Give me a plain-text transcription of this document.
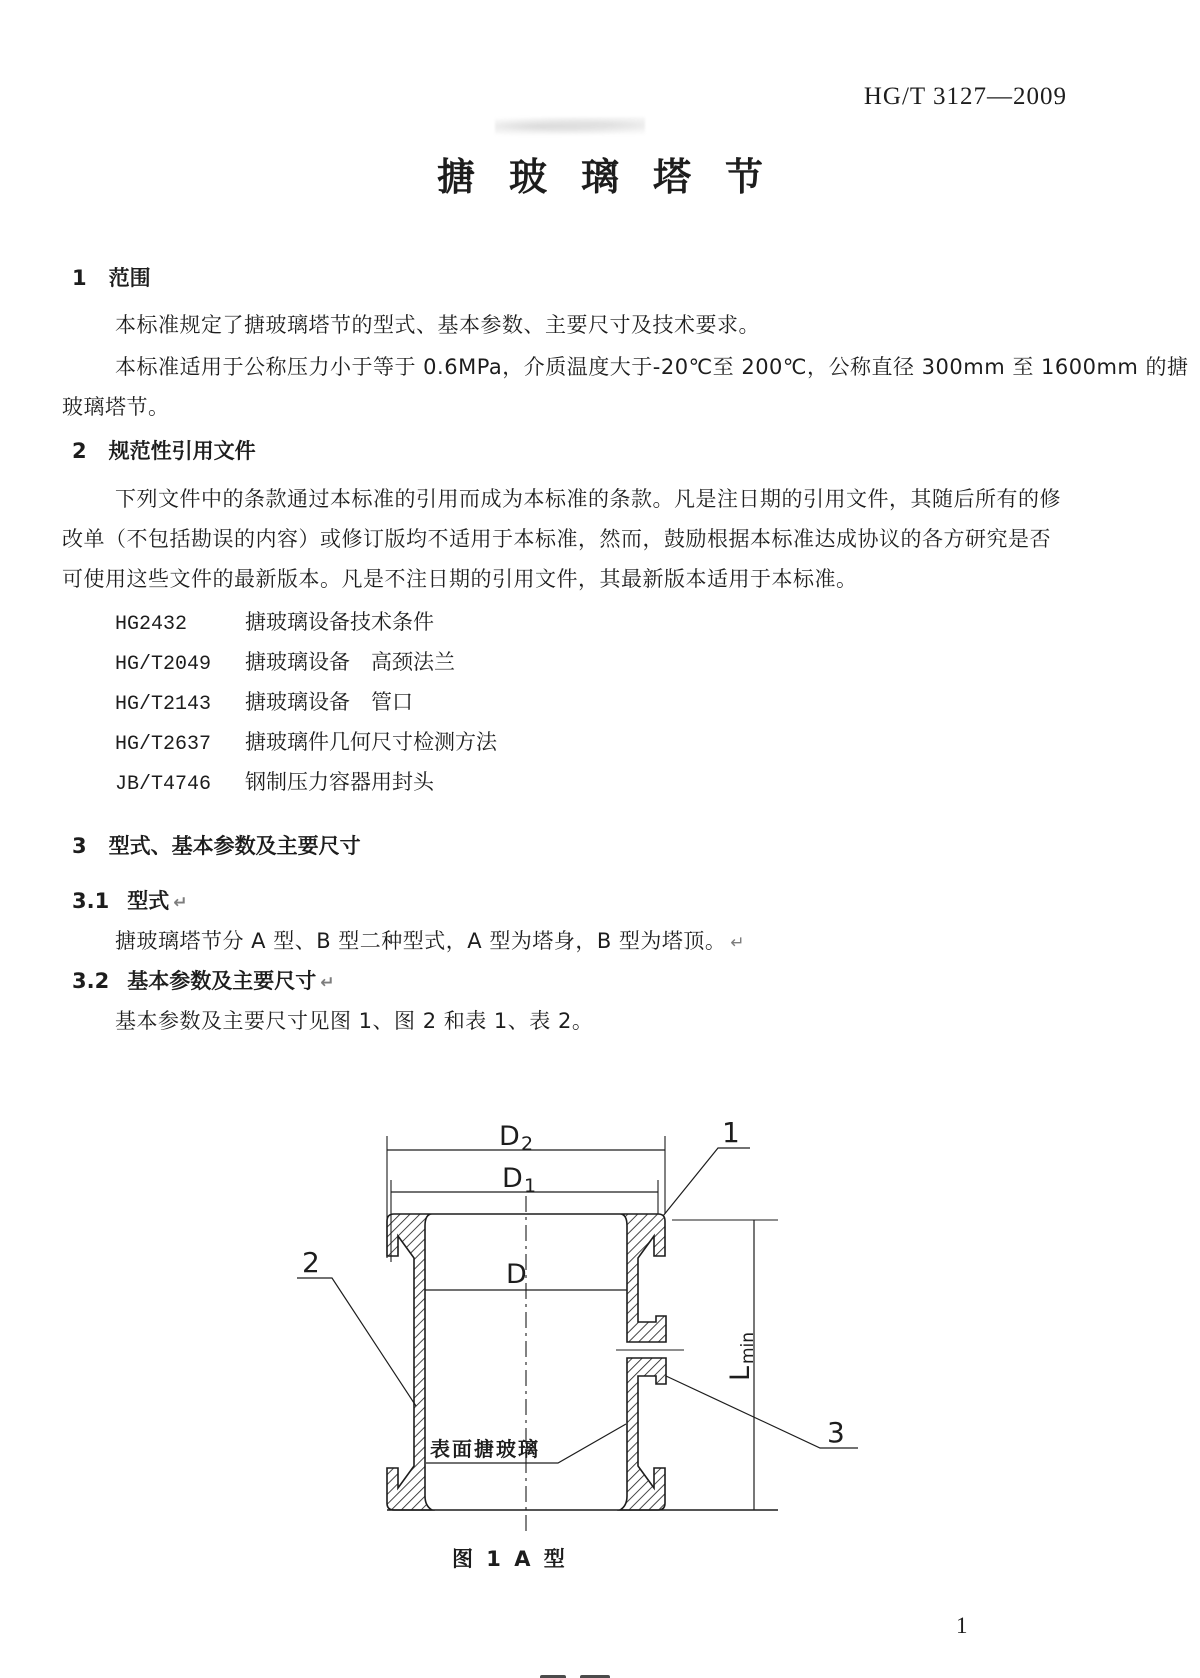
HG/T 3127—2009
搪玻璃塔节
1 范围
本标准规定了搪玻璃塔节的型式、基本参数、主要尺寸及技术要求。
本标准适用于公称压力小于等于 0.6MPa，介质温度大于-20℃至 200℃，公称直径 300mm 至 1600mm 的搪
玻璃塔节。
2 规范性引用文件
下列文件中的条款通过本标准的引用而成为本标准的条款。凡是注日期的引用文件，其随后所有的修
改单（不包括勘误的内容）或修订版均不适用于本标准，然而，鼓励根据本标准达成协议的各方研究是否
可使用这些文件的最新版本。凡是不注日期的引用文件，其最新版本适用于本标准。
HG2432	搪玻璃设备技术条件
HG/T2049 搪玻璃设备　高颈法兰
HG/T2143 搪玻璃设备　管口
HG/T2637 搪玻璃件几何尺寸检测方法
JB/T4746 钢制压力容器用封头
3 型式、基本参数及主要尺寸
3.1 型式 ↵
搪玻璃塔节分 A 型、B 型二种型式，A 型为塔身，B 型为塔顶。 ↵
3.2 基本参数及主要尺寸 ↵
基本参数及主要尺寸见图 1、图 2 和表 1、表 2。
D 2
D 1
D
L
min
1
2
3
表面搪玻璃
图 1 A 型
1
